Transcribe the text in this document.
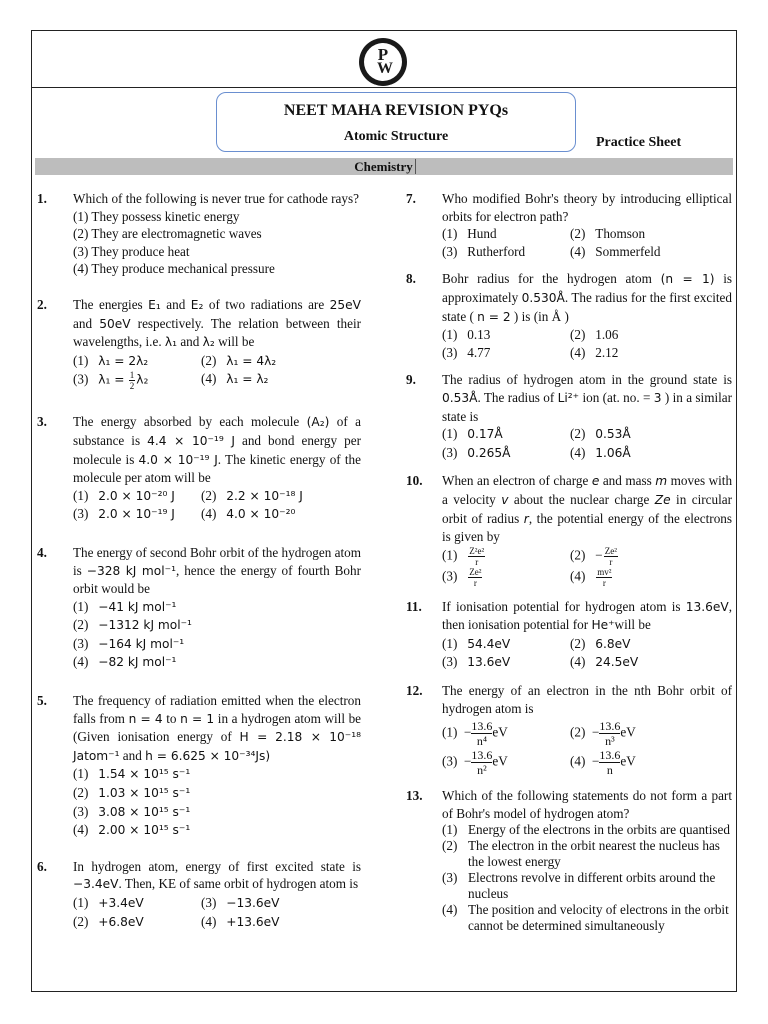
P
W
NEET MAHA REVISION PYQs
Atomic Structure	Practice Sheet
Chemistry
1. Which of the following is never true for cathode rays?
(1) They possess kinetic energy
(2) They are electromagnetic waves
(3) They produce heat
(4) They produce mechanical pressure
2. The energies E₁ and E₂ of two radiations are 25eV and 50eV respectively. The relation between their wavelengths, i.e. λ₁ and λ₂ will be
(1) λ₁ = 2λ₂	(2) λ₁ = 4λ₂
(3) $\lambda_1 = \frac{1}{2} \lambda_2$	(4) λ₁ = λ₂
3. The energy absorbed by each molecule (A₂) of a substance is 4.4 × 10⁻¹⁹ J and bond energy per molecule is 4.0 × 10⁻¹⁹ J. The kinetic energy of the molecule per atom will be
(1) 2.0 × 10⁻²⁰ J	(2) 2.2 × 10⁻¹⁸ J
(3) 2.0 × 10⁻¹⁹ J	(4) 4.0 × 10⁻²⁰
4. The energy of second Bohr orbit of the hydrogen atom is −328 kJ mol⁻¹, hence the energy of fourth Bohr orbit would be
(1) −41 kJ mol⁻¹
(2) −1312 kJ mol⁻¹
(3) −164 kJ mol⁻¹
(4) −82 kJ mol⁻¹
5. The frequency of radiation emitted when the electron falls from n = 4 to n = 1 in a hydrogen atom will be (Given ionisation energy of H = 2.18 × 10⁻¹⁸ Jatom⁻¹ and h = 6.625 × 10⁻³⁴Js)
(1) 1.54 × 10¹⁵ s⁻¹
(2) 1.03 × 10¹⁵ s⁻¹
(3) 3.08 × 10¹⁵ s⁻¹
(4) 2.00 × 10¹⁵ s⁻¹
6. In hydrogen atom, energy of first excited state is −3.4eV. Then, KE of same orbit of hydrogen atom is
(1) +3.4eV	(3) −13.6eV
(2) +6.8eV	(4) +13.6eV
7. Who modified Bohr's theory by introducing elliptical orbits for electron path?
(1) Hund	(2) Thomson
(3) Rutherford	(4) Sommerfeld
8. Bohr radius for the hydrogen atom (n = 1) is approximately 0.530Å. The radius for the first excited state ( n = 2 ) is (in Å )
(1) 0.13	(2) 1.06
(3) 4.77	(4) 2.12
9. The radius of hydrogen atom in the ground state is 0.53Å. The radius of Li²⁺ ion (at. no. = 3 ) in a similar state is
(1) 0.17Å	(2) 0.53Å
(3) 0.265Å	(4) 1.06Å
10. When an electron of charge e and mass m moves with a velocity v about the nuclear charge Ze in circular orbit of radius r, the potential energy of the electrons is given by
$(1) \frac{\text{Z²e²}}{r}$	$(2) - \frac{\text{Ze²}}{r}$
$(3) \frac{\text{Ze²}}{r}$	$(4) \frac{\text{mv²}}{r}$
11. If ionisation potential for hydrogen atom is 13.6eV, then ionisation potential for He⁺will be
(1) 54.4eV	(2) 6.8eV
(3) 13.6eV	(4) 24.5eV
12. The energy of an electron in the nth Bohr orbit of hydrogen atom is
$(1) - \frac{13.6}{\text{n⁴}}$ eV	$(2) - \frac{13.6}{\text{n³}}$ eV
$(3) - \frac{13.6}{\text{n²}}$ eV	$(4) - \frac{13.6}{n}$ eV
13. Which of the following statements do not form a part of Bohr's model of hydrogen atom?
(1) Energy of the electrons in the orbits are quantised
(2) The electron in the orbit nearest the nucleus has the lowest energy
(3) Electrons revolve in different orbits around the nucleus
(4) The position and velocity of electrons in the orbit cannot be determined simultaneously
